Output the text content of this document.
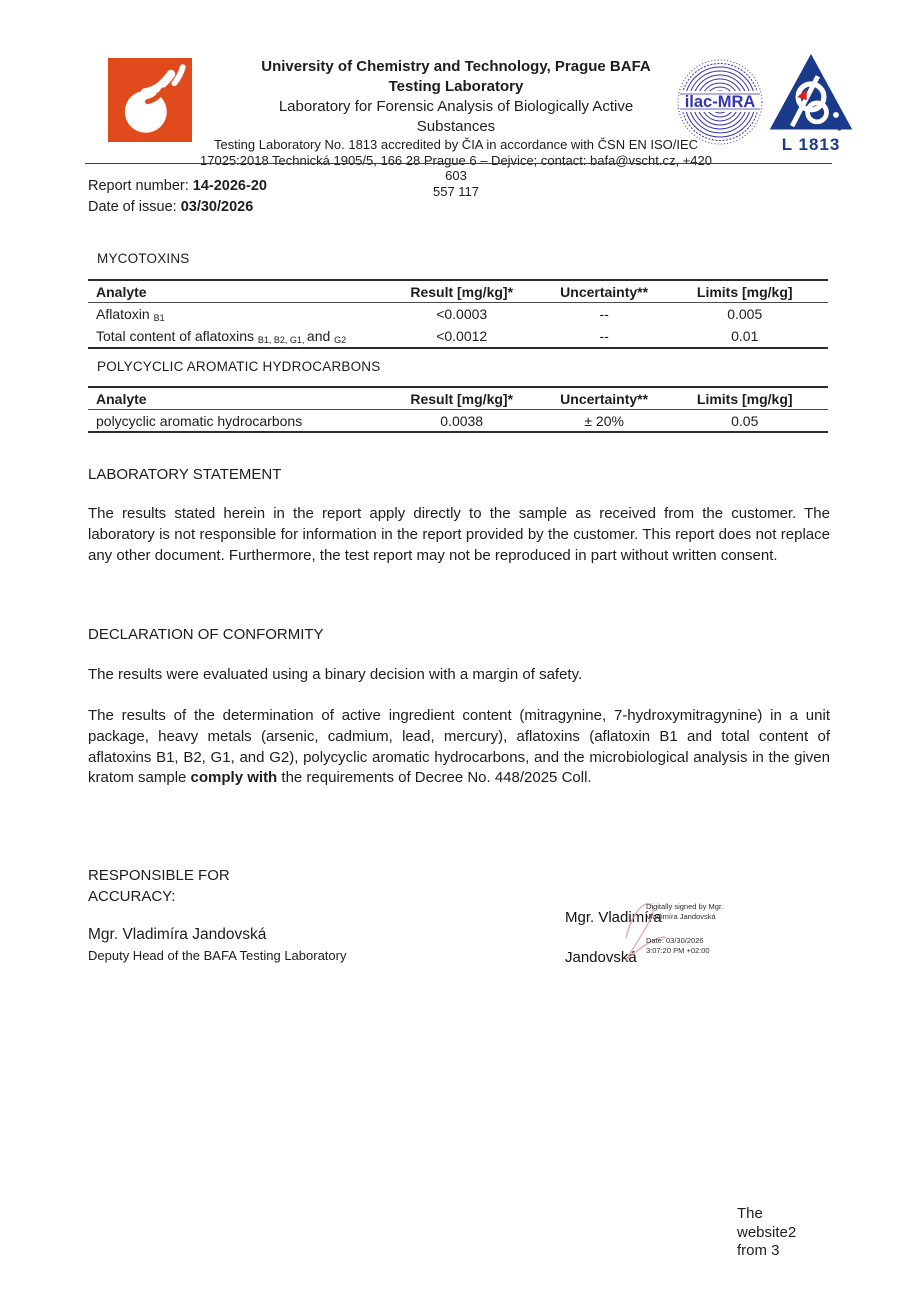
University of Chemistry and Technology, Prague BAFA
Testing Laboratory
Laboratory for Forensic Analysis of Biologically Active Substances
Testing Laboratory No. 1813 accredited by ČIA in accordance with ČSN EN ISO/IEC
17025:2018 Technická 1905/5, 166 28 Prague 6 – Dejvice; contact: bafa@vscht.cz, +420 603
557 117
ilac-MRA
L 1813
Report number: 14-2026-20
Date of issue: 03/30/2026
MYCOTOXINS
Analyte	Result [mg/kg]*	Uncertainty**	Limits [mg/kg]
Aflatoxin $_{B1}$	<0.0003	--	0.005
Total content of aflatoxins $_{B1, B2, G1,}$ and $_{G2}$	<0.0012	--	0.01
POLYCYCLIC AROMATIC HYDROCARBONS
Analyte	Result [mg/kg]*	Uncertainty**	Limits [mg/kg]
polycyclic aromatic hydrocarbons	0.0038	± 20%	0.05
LABORATORY STATEMENT
The results stated herein in the report apply directly to the sample as received from the customer. The laboratory is not responsible for information in the report provided by the customer. This report does not replace any other document. Furthermore, the test report may not be reproduced in part without written consent.
DECLARATION OF CONFORMITY
The results were evaluated using a binary decision with a margin of safety.
The results of the determination of active ingredient content (mitragynine, 7-hydroxymitragynine) in a unit package, heavy metals (arsenic, cadmium, lead, mercury), aflatoxins (aflatoxin B1 and total content of aflatoxins B1, B2, G1, and G2), polycyclic aromatic hydrocarbons, and the microbiological analysis in the given kratom sample comply with the requirements of Decree No. 448/2025 Coll.
RESPONSIBLE FOR
ACCURACY:
Mgr. Vladimíra Jandovská
Deputy Head of the BAFA Testing Laboratory
Mgr. Vladimíra
Jandovská
Digitally signed by Mgr.
Vladimíra Jandovská
Date: 03/30/2026
3:07:20 PM +02:00
The
website2
from 3
